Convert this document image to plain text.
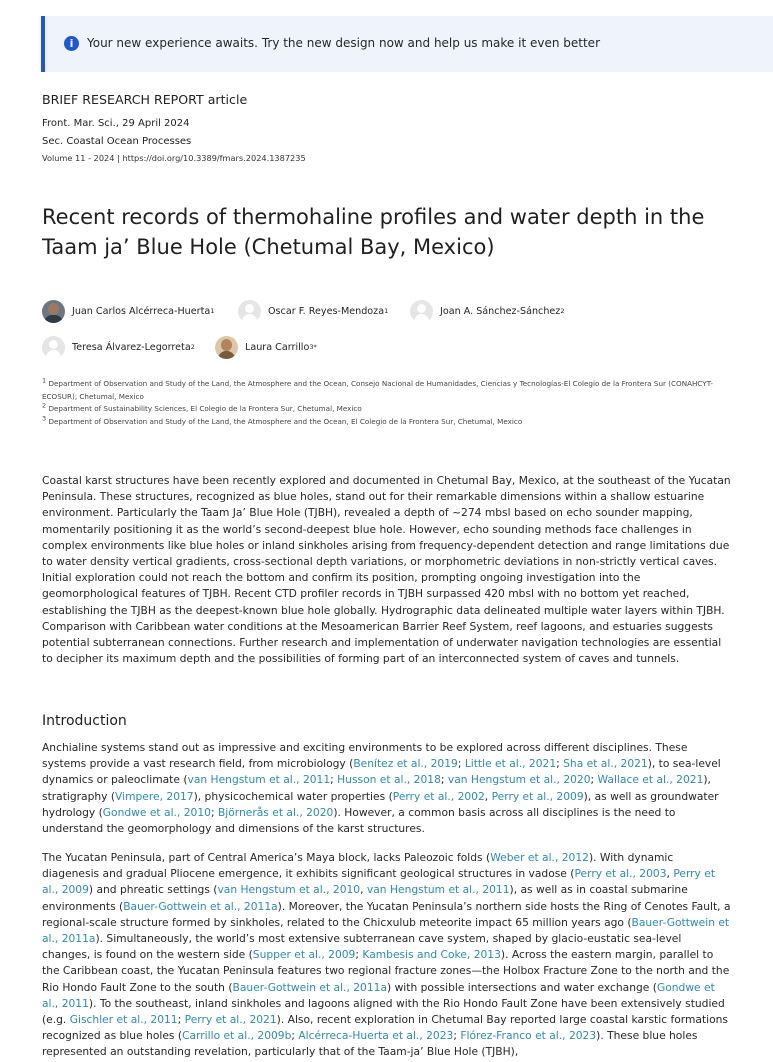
i	Your new experience awaits. Try the new design now and help us make it even better
BRIEF RESEARCH REPORT article
Front. Mar. Sci., 29 April 2024
Sec. Coastal Ocean Processes
Volume 11 - 2024 | https://doi.org/10.3389/fmars.2024.1387235
Recent records of thermohaline profiles and water depth in the Taam ja’ Blue Hole (Chetumal Bay, Mexico)
Juan Carlos Alcérreca-Huerta 1	Oscar F. Reyes-Mendoza 1	Joan A. Sánchez-Sánchez 2
Teresa Álvarez-Legorreta 2	Laura Carrillo 3*

$^1$ Department of Observation and Study of the Land, the Atmosphere and the Ocean, Consejo Nacional de Humanidades, Ciencias y Tecnologías-El Colegio de la Frontera Sur (CONAHCYT-ECOSUR), Chetumal, Mexico

$^2$ Department of Sustainability Sciences, El Colegio de la Frontera Sur, Chetumal, Mexico

$^3$ Department of Observation and Study of the Land, the Atmosphere and the Ocean, El Colegio de la Frontera Sur, Chetumal, Mexico

Coastal karst structures have been recently explored and documented in Chetumal Bay, Mexico, at the southeast of the Yucatan Peninsula. These structures, recognized as blue holes, stand out for their remarkable dimensions within a shallow estuarine environment. Particularly the Taam Ja’ Blue Hole (TJBH), revealed a depth of ~274 mbsl based on echo sounder mapping, momentarily positioning it as the world’s second-deepest blue hole. However, echo sounding methods face challenges in complex environments like blue holes or inland sinkholes arising from frequency-dependent detection and range limitations due to water density vertical gradients, cross-sectional depth variations, or morphometric deviations in non-strictly vertical caves. Initial exploration could not reach the bottom and confirm its position, prompting ongoing investigation into the geomorphological features of TJBH. Recent CTD profiler records in TJBH surpassed 420 mbsl with no bottom yet reached, establishing the TJBH as the deepest-known blue hole globally. Hydrographic data delineated multiple water layers within TJBH. Comparison with Caribbean water conditions at the Mesoamerican Barrier Reef System, reef lagoons, and estuaries suggests potential subterranean connections. Further research and implementation of underwater navigation technologies are essential to decipher its maximum depth and the possibilities of forming part of an interconnected system of caves and tunnels.

Introduction

Anchialine systems stand out as impressive and exciting environments to be explored across different disciplines. These systems provide a vast research field, from microbiology (Benítez et al., 2019; Little et al., 2021; Sha et al., 2021), to sea-level dynamics or paleoclimate (van Hengstum et al., 2011; Husson et al., 2018; van Hengstum et al., 2020; Wallace et al., 2021), stratigraphy (Vimpere, 2017), physicochemical water properties (Perry et al., 2002, Perry et al., 2009), as well as groundwater hydrology (Gondwe et al., 2010; Björnerås et al., 2020). However, a common basis across all disciplines is the need to understand the geomorphology and dimensions of the karst structures.

The Yucatan Peninsula, part of Central America’s Maya block, lacks Paleozoic folds (Weber et al., 2012). With dynamic diagenesis and gradual Pliocene emergence, it exhibits significant geological structures in vadose (Perry et al., 2003, Perry et al., 2009) and phreatic settings (van Hengstum et al., 2010, van Hengstum et al., 2011), as well as in coastal submarine environments (Bauer-Gottwein et al., 2011a). Moreover, the Yucatan Peninsula’s northern side hosts the Ring of Cenotes Fault, a regional-scale structure formed by sinkholes, related to the Chicxulub meteorite impact 65 million years ago (Bauer-Gottwein et al., 2011a). Simultaneously, the world’s most extensive subterranean cave system, shaped by glacio-eustatic sea-level changes, is found on the western side (Supper et al., 2009; Kambesis and Coke, 2013). Across the eastern margin, parallel to the Caribbean coast, the Yucatan Peninsula features two regional fracture zones—the Holbox Fracture Zone to the north and the Rio Hondo Fault Zone to the south (Bauer-Gottwein et al., 2011a) with possible intersections and water exchange (Gondwe et al., 2011). To the southeast, inland sinkholes and lagoons aligned with the Rio Hondo Fault Zone have been extensively studied (e.g. Gischler et al., 2011; Perry et al., 2021). Also, recent exploration in Chetumal Bay reported large coastal karstic formations recognized as blue holes (Carrillo et al., 2009b; Alcérreca-Huerta et al., 2023; Flórez-Franco et al., 2023). These blue holes represented an outstanding revelation, particularly that of the Taam-ja’ Blue Hole (TJBH),
